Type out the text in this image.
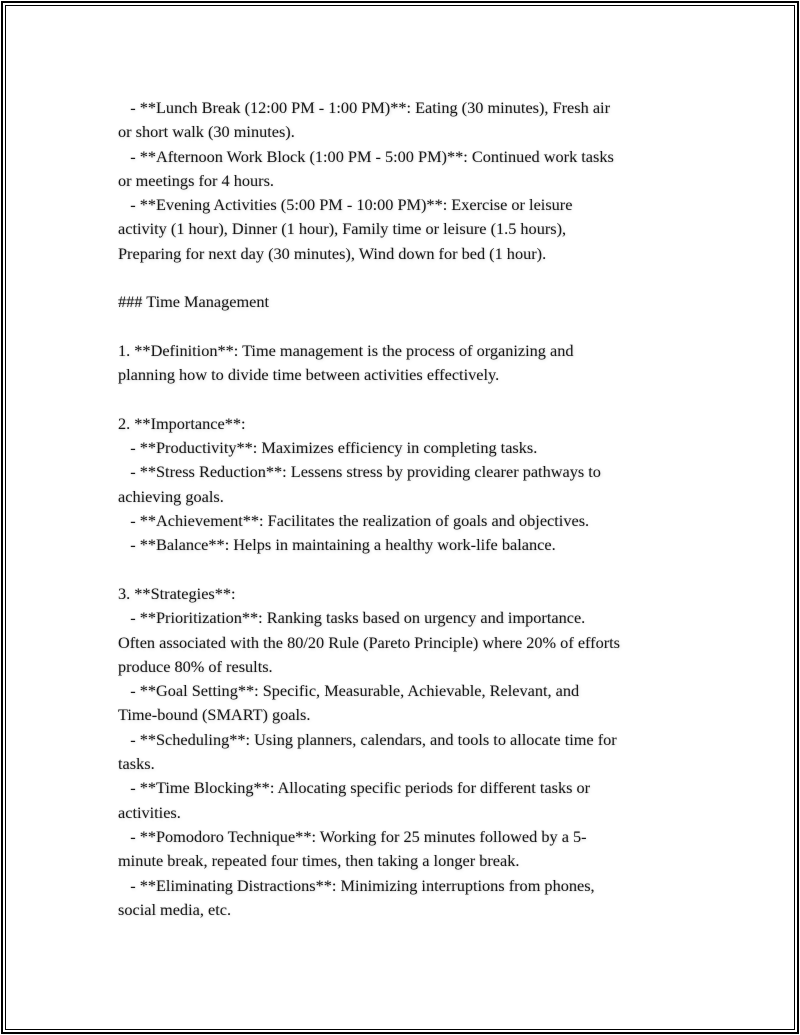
- **Lunch Break (12:00 PM - 1:00 PM)**: Eating (30 minutes), Fresh air
or short walk (30 minutes).
- **Afternoon Work Block (1:00 PM - 5:00 PM)**: Continued work tasks
or meetings for 4 hours.
- **Evening Activities (5:00 PM - 10:00 PM)**: Exercise or leisure
activity (1 hour), Dinner (1 hour), Family time or leisure (1.5 hours),
Preparing for next day (30 minutes), Wind down for bed (1 hour).
### Time Management
1. **Definition**: Time management is the process of organizing and
planning how to divide time between activities effectively.
2. **Importance**:
- **Productivity**: Maximizes efficiency in completing tasks.
- **Stress Reduction**: Lessens stress by providing clearer pathways to
achieving goals.
- **Achievement**: Facilitates the realization of goals and objectives.
- **Balance**: Helps in maintaining a healthy work-life balance.
3. **Strategies**:
- **Prioritization**: Ranking tasks based on urgency and importance.
Often associated with the 80/20 Rule (Pareto Principle) where 20% of efforts
produce 80% of results.
- **Goal Setting**: Specific, Measurable, Achievable, Relevant, and
Time-bound (SMART) goals.
- **Scheduling**: Using planners, calendars, and tools to allocate time for
tasks.
- **Time Blocking**: Allocating specific periods for different tasks or
activities.
- **Pomodoro Technique**: Working for 25 minutes followed by a 5-
minute break, repeated four times, then taking a longer break.
- **Eliminating Distractions**: Minimizing interruptions from phones,
social media, etc.
